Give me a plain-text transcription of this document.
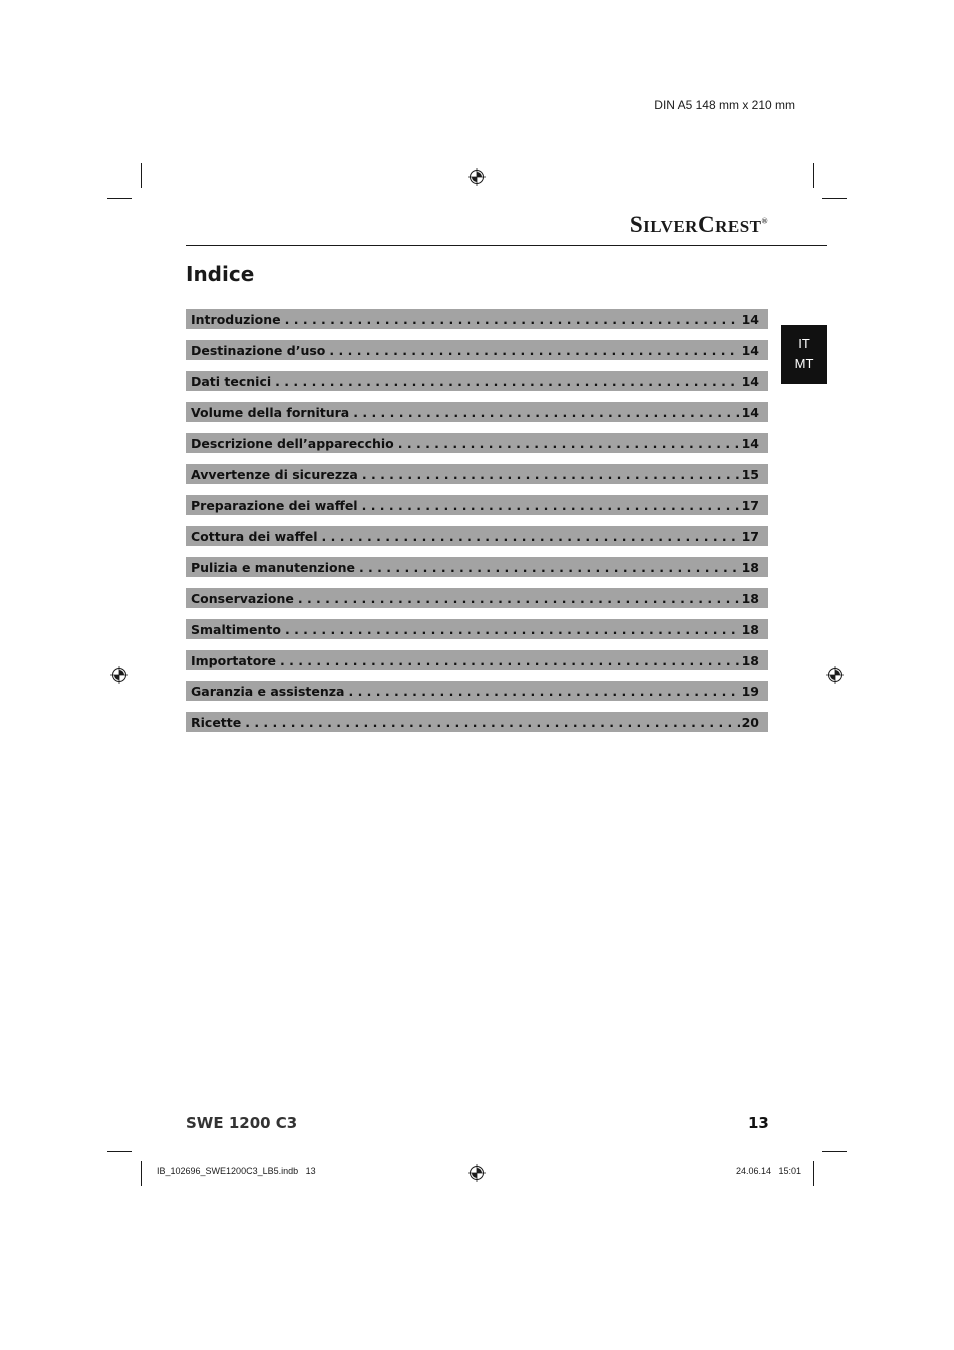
DIN A5 148 mm x 210 mm
SILVERCREST®
Indice
IT
MT
Introduzione . . .	14
Destinazione d’uso . . .	14
Dati tecnici . . .	14
Volume della fornitura . . .	14
Descrizione dell’apparecchio . . .	14
Avvertenze di sicurezza . . .	15
Preparazione dei waffel . . .	17
Cottura dei waffel . . .	17
Pulizia e manutenzione . . .	18
Conservazione . . .	18
Smaltimento . . .	18
Importatore . . .	18
Garanzia e assistenza . . .	19
Ricette . . .	20
SWE 1200 C3	13
IB_102696_SWE1200C3_LB5.indb   13	24.06.14   15:01
